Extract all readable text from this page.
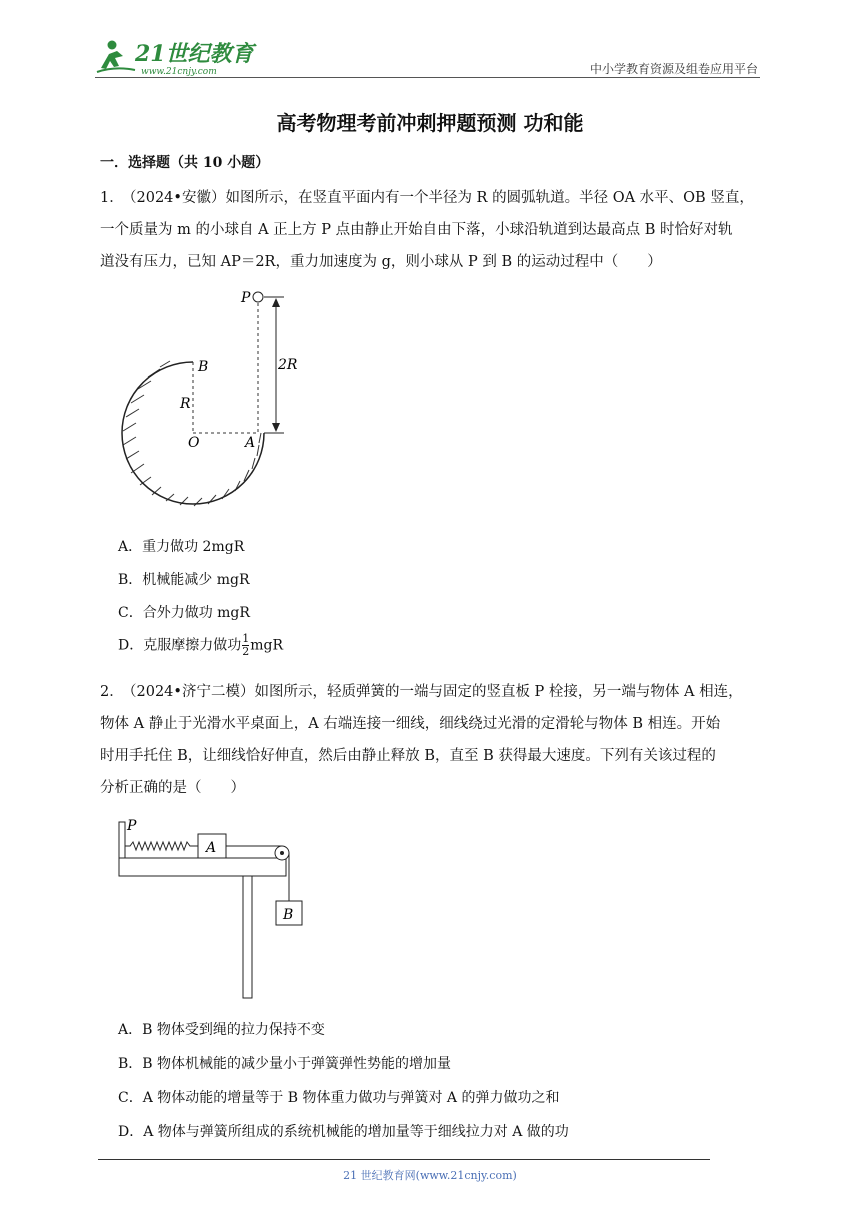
21世纪教育
www.21cnjy.com	中小学教育资源及组卷应用平台
高考物理考前冲刺押题预测 功和能
一．选择题（共 10 小题）
1．（2024•安徽）如图所示，在竖直平面内有一个半径为 R 的圆弧轨道。半径 OA 水平、OB 竖直，
一个质量为 m 的小球自 A 正上方 P 点由静止开始自由下落，小球沿轨道到达最高点 B 时恰好对轨
道没有压力，已知 AP＝2R，重力加速度为 g，则小球从 P 到 B 的运动过程中（　　）
P
B
R
O	A
2R
A．重力做功 2mgR
B．机械能减少 mgR
C．合外力做功 mgR
D．克服摩擦力做功 $\frac{1}{2}$ mgR
2．（2024•济宁二模）如图所示，轻质弹簧的一端与固定的竖直板 P 栓接，另一端与物体 A 相连，
物体 A 静止于光滑水平桌面上，A 右端连接一细线，细线绕过光滑的定滑轮与物体 B 相连。开始
时用手托住 B，让细线恰好伸直，然后由静止释放 B，直至 B 获得最大速度。下列有关该过程的
分析正确的是（　　）
P
A
B
A．B 物体受到绳的拉力保持不变
B．B 物体机械能的减少量小于弹簧弹性势能的增加量
C．A 物体动能的增量等于 B 物体重力做功与弹簧对 A 的弹力做功之和
D．A 物体与弹簧所组成的系统机械能的增加量等于细线拉力对 A 做的功
21 世纪教育网(www.21cnjy.com)
